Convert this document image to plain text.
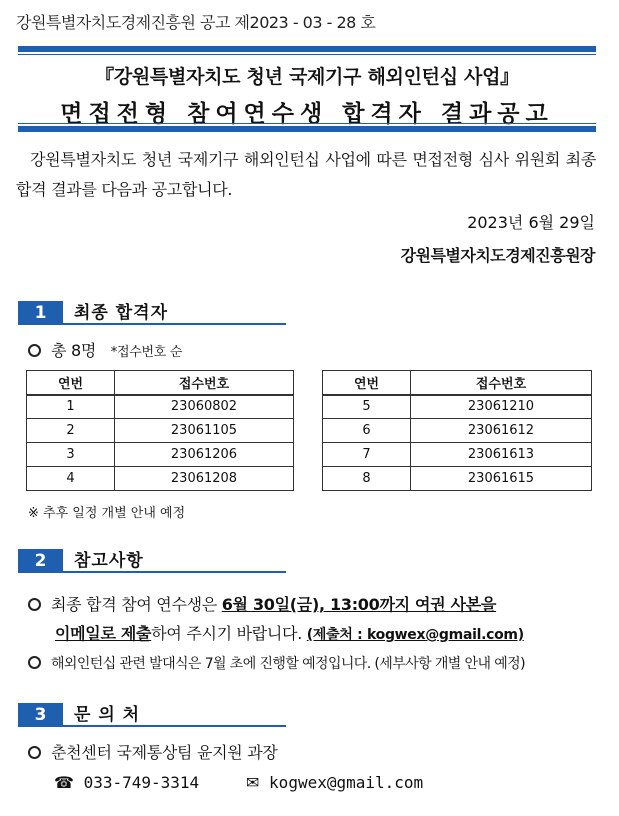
강원특별자치도경제진흥원 공고 제2023 - 03 - 28 호
『강원특별자치도 청년 국제기구 해외인턴십 사업』
면접전형 참여연수생 합격자 결과공고
강원특별자치도 청년 국제기구 해외인턴십 사업에 따른 면접전형 심사 위원회 최종 합격 결과를 다음과 공고합니다.
2023년 6월 29일
강원특별자치도경제진흥원장
1	최종 합격자
총 8명 *접수번호 순
연번	접수번호
1	23060802
2	23061105
3	23061206
4	23061208
연번	접수번호
5	23061210
6	23061612
7	23061613
8	23061615
※ 추후 일정 개별 안내 예정
2	참고사항
최종 합격 참여 연수생은 6월 30일(금), 13:00까지 여권 사본을
이메일로 제출하여 주시기 바랍니다. (제출처 : kogwex@gmail.com)
해외인턴십 관련 발대식은 7월 초에 진행할 예정입니다. (세부사항 개별 안내 예정)
3	문 의 처
춘천센터 국제통상팀 윤지원 과장
☎ 033-749-3314	✉ kogwex@gmail.com
